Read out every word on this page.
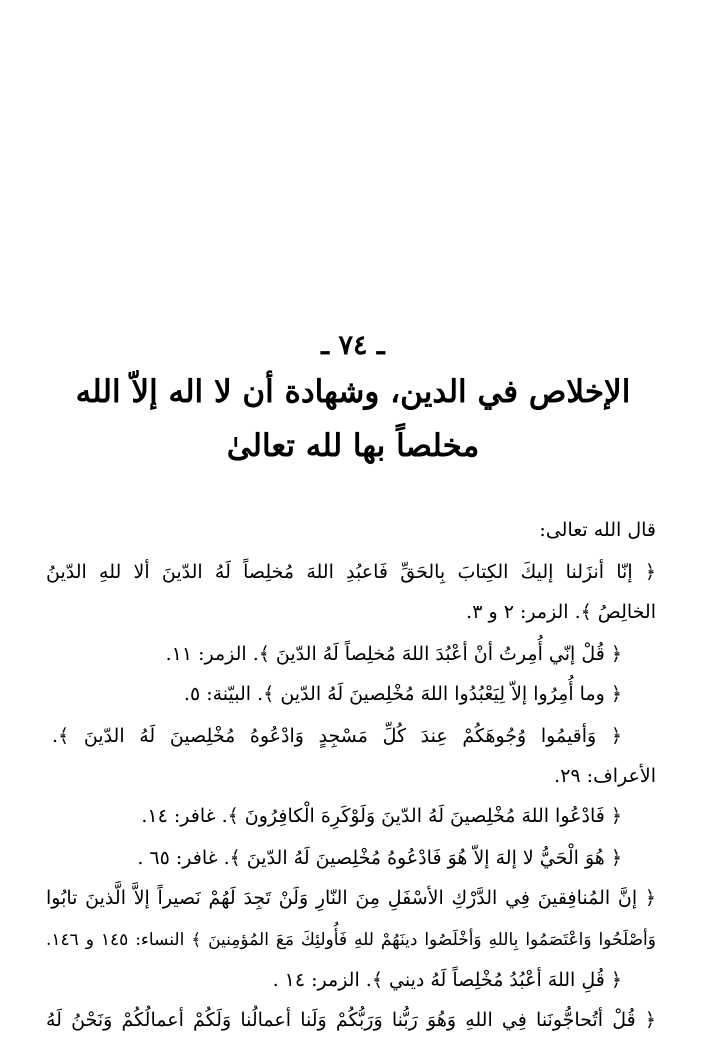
ـ ٧٤ ـ
الإخلاص في الدين، وشهادة أن لا اله إلاّ الله
مخلصاً بها لله تعالىٰ
قال الله تعالى:
﴿ إنّا أنزَلنا إليكَ الكِتابَ بِالحَقِّ فَاعبُدِ اللهَ مُخلِصاً لَهُ الدّينَ ألا للهِ الدّينُ
الخالِصُ ﴾. الزمر: ٢ و ٣.
﴿ قُلْ إنّي أُمِرتُ أنْ أعْبُدَ اللهَ مُخلِصاً لَهُ الدّينَ ﴾. الزمر: ١١.
﴿ وما أُمِرُوا إلاّ لِيَعْبُدُوا اللهَ مُخْلِصينَ لَهُ الدّين ﴾. البيّنة: ٥.
﴿ وَأقيمُوا وُجُوهَكُمْ عِندَ كُلِّ مَسْجِدٍ وَادْعُوهُ مُخْلِصينَ لَهُ الدّينَ ﴾.
الأعراف: ٢٩.
﴿ فَادْعُوا اللهَ مُخْلِصينَ لَهُ الدّينَ وَلَوْكَرِهَ الْكافِرُونَ ﴾. غافر: ١٤.
﴿ هُوَ الْحَيُّ لا إلهَ إلاّ هُوَ فَادْعُوهُ مُخْلِصينَ لَهُ الدّينَ ﴾. غافر: ٦٥ .
﴿ إنَّ المُنافِقينَ فِي الدَّرْكِ الأسْفَلِ مِنَ النّارِ وَلَنْ تَجِدَ لَهُمْ نَصيراً إلاَّ الَّذينَ تابُوا
وَأصْلَحُوا وَاعْتَصَمُوا بِاللهِ وَأخْلَصُوا دينَهُمْ للهِ فَأُولئِكَ مَعَ المُؤمِنينَ ﴾ النساء: ١٤٥ و ١٤٦.
﴿ قُلِ اللهَ أعْبُدُ مُخْلِصاً لَهُ ديني ﴾. الزمر: ١٤ .
﴿ قُلْ أتُحاجُّونَنا فِي اللهِ وَهُوَ رَبُّنا وَرَبُّكُمْ وَلَنا أعمالُنا وَلَكُمْ أعمالُكُمْ وَنَحْنُ لَهُ
